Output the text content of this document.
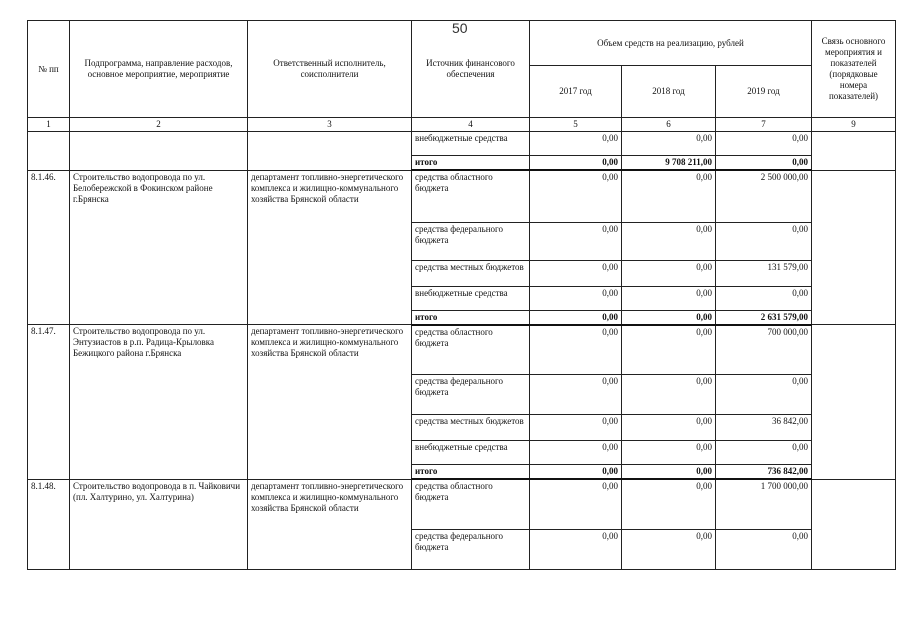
50
№ пп	Подпрограмма, направление расходов, основное мероприятие, мероприятие	Ответственный исполнитель, соисполнители	Источник финансового обеспечения	Объем средств на реализацию, рублей			Связь основного мероприятия и показателей (порядковые номера показателей)
				2017 год	2018 год	2019 год	
1	2	3	4	5	6	7	9
			внебюджетные средства	0,00	0,00	0,00	
			итого	0,00	9 708 211,00	0,00	
8.1.46.	Строительство водопровода по ул. Белобережской в Фокинском районе г.Брянска	департамент топливно-энергетического комплекса и жилищно-коммунального хозяйства Брянской области	средства областного бюджета	0,00	0,00	2 500 000,00	
			средства федерального бюджета	0,00	0,00	0,00	
			средства местных бюджетов	0,00	0,00	131 579,00	
			внебюджетные средства	0,00	0,00	0,00	
			итого	0,00	0,00	2 631 579,00	
8.1.47.	Строительство водопровода по ул. Энтузиастов в р.п. Радица-Крыловка Бежицкого района г.Брянска	департамент топливно-энергетического комплекса и жилищно-коммунального хозяйства Брянской области	средства областного бюджета	0,00	0,00	700 000,00	
			средства федерального бюджета	0,00	0,00	0,00	
			средства местных бюджетов	0,00	0,00	36 842,00	
			внебюджетные средства	0,00	0,00	0,00	
			итого	0,00	0,00	736 842,00	
8.1.48.	Строительство водопровода в п. Чайковичи (пл. Халтурино, ул. Халтурина)	департамент топливно-энергетического комплекса и жилищно-коммунального хозяйства Брянской области	средства областного бюджета	0,00	0,00	1 700 000,00	
			средства федерального бюджета	0,00	0,00	0,00	
